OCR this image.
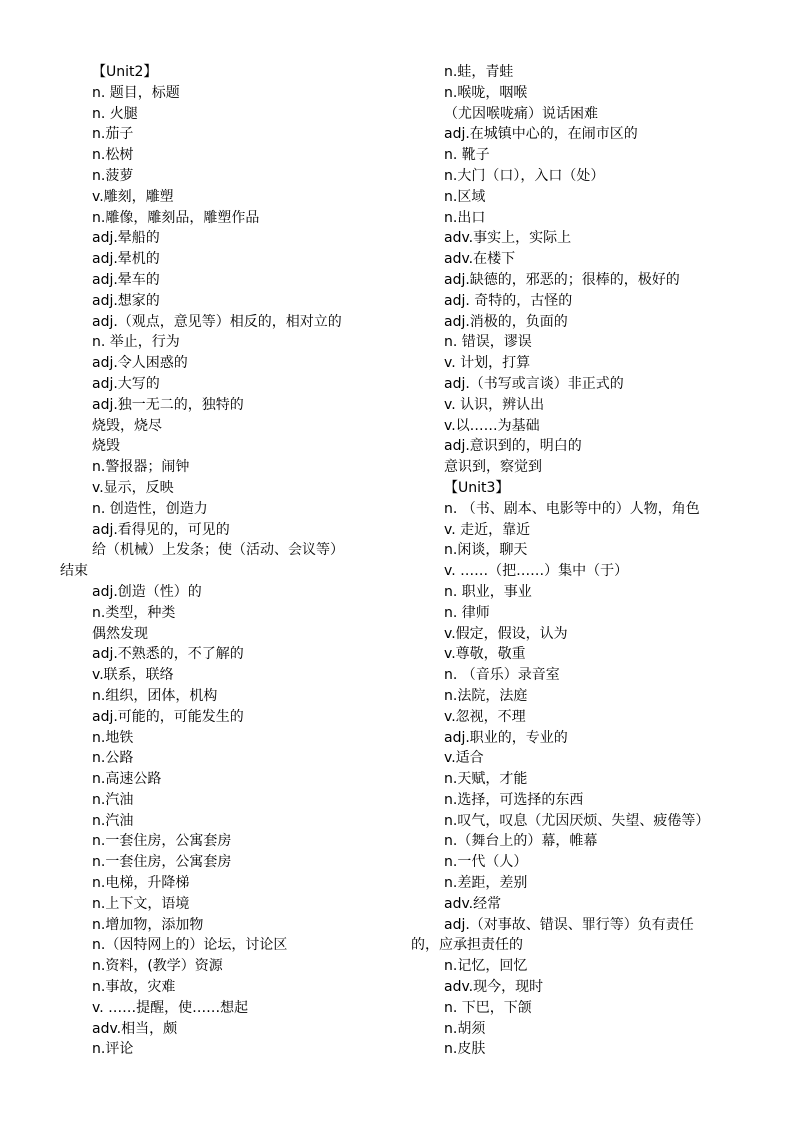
【Unit2】
n. 题目，标题
n. 火腿
n.茄子
n.松树
n.菠萝
v.雕刻，雕塑
n.雕像，雕刻品，雕塑作品
adj.晕船的
adj.晕机的
adj.晕车的
adj.想家的
adj.（观点，意见等）相反的，相对立的
n. 举止，行为
adj.令人困惑的
adj.大写的
adj.独一无二的，独特的
烧毁，烧尽
烧毁
n.警报器；闹钟
v.显示，反映
n. 创造性，创造力
adj.看得见的，可见的
给（机械）上发条；使（活动、会议等）
结束
adj.创造（性）的
n.类型，种类
偶然发现
adj.不熟悉的，不了解的
v.联系，联络
n.组织，团体，机构
adj.可能的，可能发生的
n.地铁
n.公路
n.高速公路
n.汽油
n.汽油
n.一套住房，公寓套房
n.一套住房，公寓套房
n.电梯，升降梯
n.上下文，语境
n.增加物，添加物
n.（因特网上的）论坛，讨论区
n.资料，(教学）资源
n.事故，灾难
v. ……提醒，使……想起
adv.相当，颇
n.评论
n.蛙，青蛙
n.喉咙，咽喉
（尤因喉咙痛）说话困难
adj.在城镇中心的，在闹市区的
n. 靴子
n.大门（口），入口（处）
n.区域
n.出口
adv.事实上，实际上
adv.在楼下
adj.缺德的，邪恶的；很棒的，极好的
adj. 奇特的，古怪的
adj.消极的，负面的
n. 错误，谬误
v. 计划，打算
adj.（书写或言谈）非正式的
v. 认识，辨认出
v.以……为基础
adj.意识到的，明白的
意识到，察觉到
【Unit3】
n. （书、剧本、电影等中的）人物，角色
v. 走近，靠近
n.闲谈，聊天
v. ……（把……）集中（于）
n. 职业，事业
n. 律师
v.假定，假设，认为
v.尊敬，敬重
n. （音乐）录音室
n.法院，法庭
v.忽视，不理
adj.职业的，专业的
v.适合
n.天赋，才能
n.选择，可选择的东西
n.叹气，叹息（尤因厌烦、失望、疲倦等）
n.（舞台上的）幕，帷幕
n.一代（人）
n.差距，差别
adv.经常
adj.（对事故、错误、罪行等）负有责任
的，应承担责任的
n.记忆，回忆
adv.现今，现时
n. 下巴，下颌
n.胡须
n.皮肤
